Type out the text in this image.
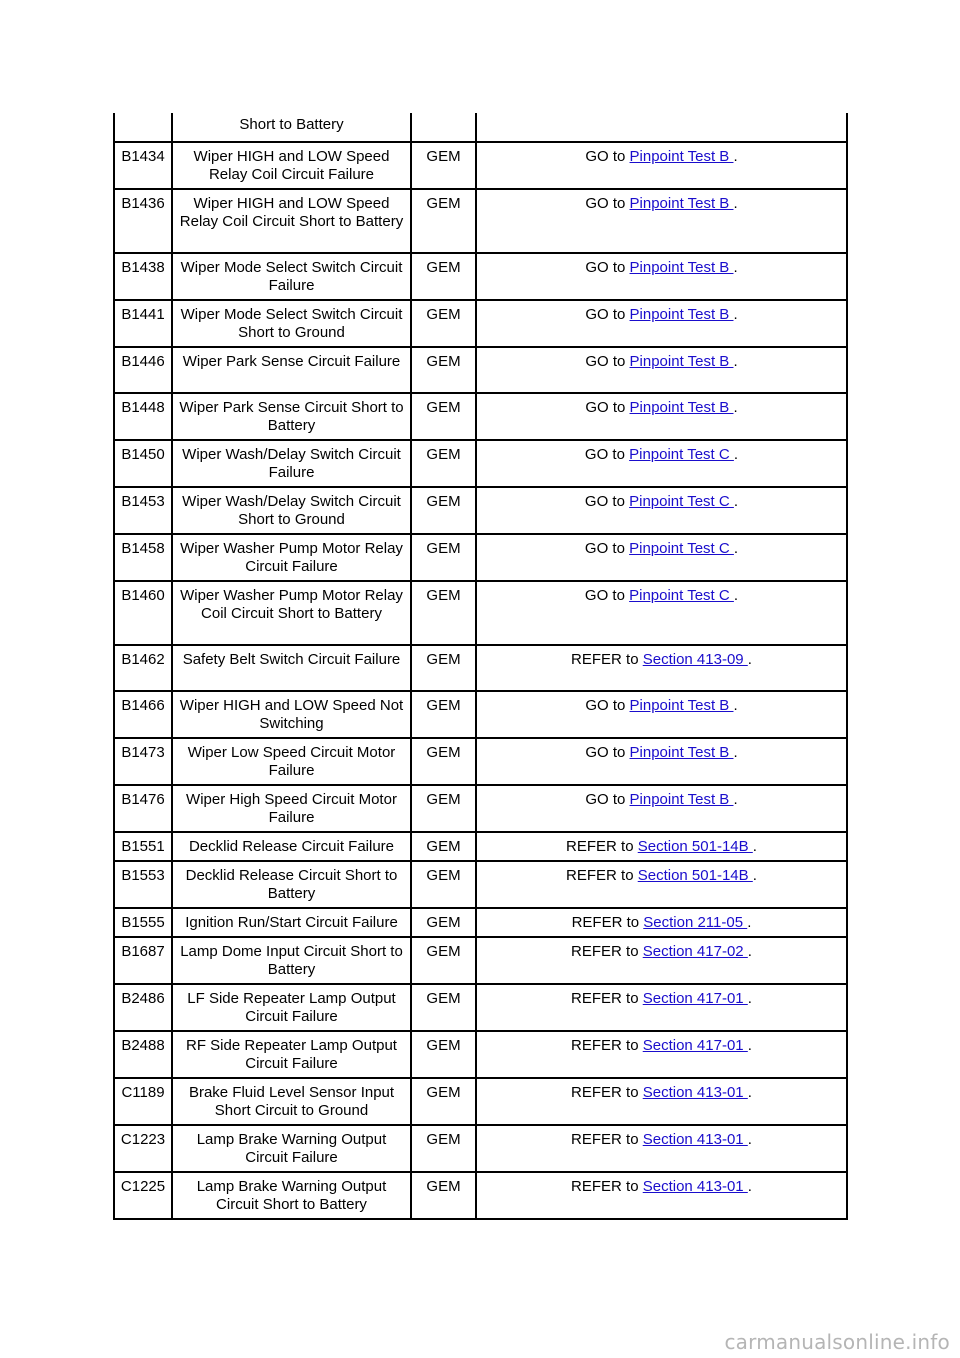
	Short to Battery		
B1434	Wiper HIGH and LOW Speed Relay Coil Circuit Failure	GEM	GO to Pinpoint Test B .
B1436	Wiper HIGH and LOW Speed Relay Coil Circuit Short to Battery	GEM	GO to Pinpoint Test B .
B1438	Wiper Mode Select Switch Circuit Failure	GEM	GO to Pinpoint Test B .
B1441	Wiper Mode Select Switch Circuit Short to Ground	GEM	GO to Pinpoint Test B .
B1446	Wiper Park Sense Circuit Failure	GEM	GO to Pinpoint Test B .
B1448	Wiper Park Sense Circuit Short to Battery	GEM	GO to Pinpoint Test B .
B1450	Wiper Wash/Delay Switch Circuit Failure	GEM	GO to Pinpoint Test C .
B1453	Wiper Wash/Delay Switch Circuit Short to Ground	GEM	GO to Pinpoint Test C .
B1458	Wiper Washer Pump Motor Relay Circuit Failure	GEM	GO to Pinpoint Test C .
B1460	Wiper Washer Pump Motor Relay Coil Circuit Short to Battery	GEM	GO to Pinpoint Test C .
B1462	Safety Belt Switch Circuit Failure	GEM	REFER to Section 413-09 .
B1466	Wiper HIGH and LOW Speed Not Switching	GEM	GO to Pinpoint Test B .
B1473	Wiper Low Speed Circuit Motor Failure	GEM	GO to Pinpoint Test B .
B1476	Wiper High Speed Circuit Motor Failure	GEM	GO to Pinpoint Test B .
B1551	Decklid Release Circuit Failure	GEM	REFER to Section 501-14B .
B1553	Decklid Release Circuit Short to Battery	GEM	REFER to Section 501-14B .
B1555	Ignition Run/Start Circuit Failure	GEM	REFER to Section 211-05 .
B1687	Lamp Dome Input Circuit Short to Battery	GEM	REFER to Section 417-02 .
B2486	LF Side Repeater Lamp Output Circuit Failure	GEM	REFER to Section 417-01 .
B2488	RF Side Repeater Lamp Output Circuit Failure	GEM	REFER to Section 417-01 .
C1189	Brake Fluid Level Sensor Input Short Circuit to Ground	GEM	REFER to Section 413-01 .
C1223	Lamp Brake Warning Output Circuit Failure	GEM	REFER to Section 413-01 .
C1225	Lamp Brake Warning Output Circuit Short to Battery	GEM	REFER to Section 413-01 .
carmanualsonline.info
